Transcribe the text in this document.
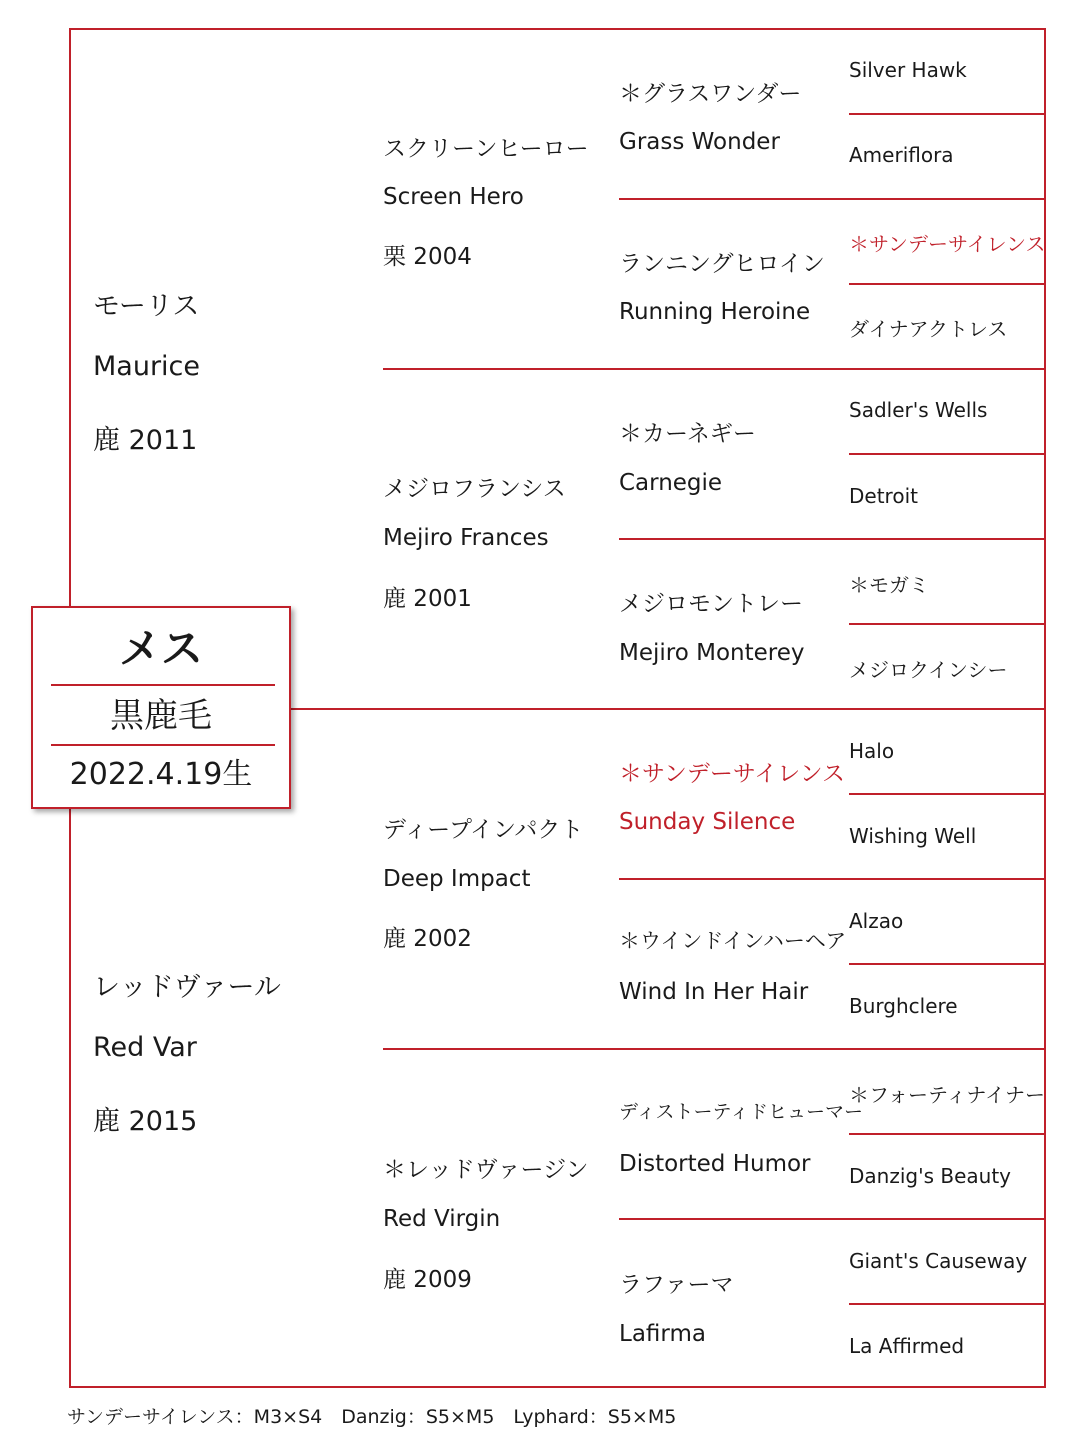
モーリス
Maurice
鹿 2011
レッドヴァール
Red Var
鹿 2015
スクリーンヒーロー
Screen Hero
栗 2004
メジロフランシス
Mejiro Frances
鹿 2001
ディープインパクト
Deep Impact
鹿 2002
＊レッドヴァージン
Red Virgin
鹿 2009
＊グラスワンダー
Grass Wonder
ランニングヒロイン
Running Heroine
＊カーネギー
Carnegie
メジロモントレー
Mejiro Monterey
＊サンデーサイレンス
Sunday Silence
＊ウインドインハーヘア
Wind In Her Hair
ディストーティドヒューマー
Distorted Humor
ラファーマ
Lafirma
Silver Hawk
Ameriflora
＊サンデーサイレンス
ダイナアクトレス
Sadler's Wells
Detroit
＊モガミ
メジロクインシー
Halo
Wishing Well
Alzao
Burghclere
＊フォーティナイナー
Danzig's Beauty
Giant's Causeway
La Affirmed
メス
黒鹿毛
2022.4.19生
サンデーサイレンス：M3×S4　Danzig：S5×M5　Lyphard：S5×M5
